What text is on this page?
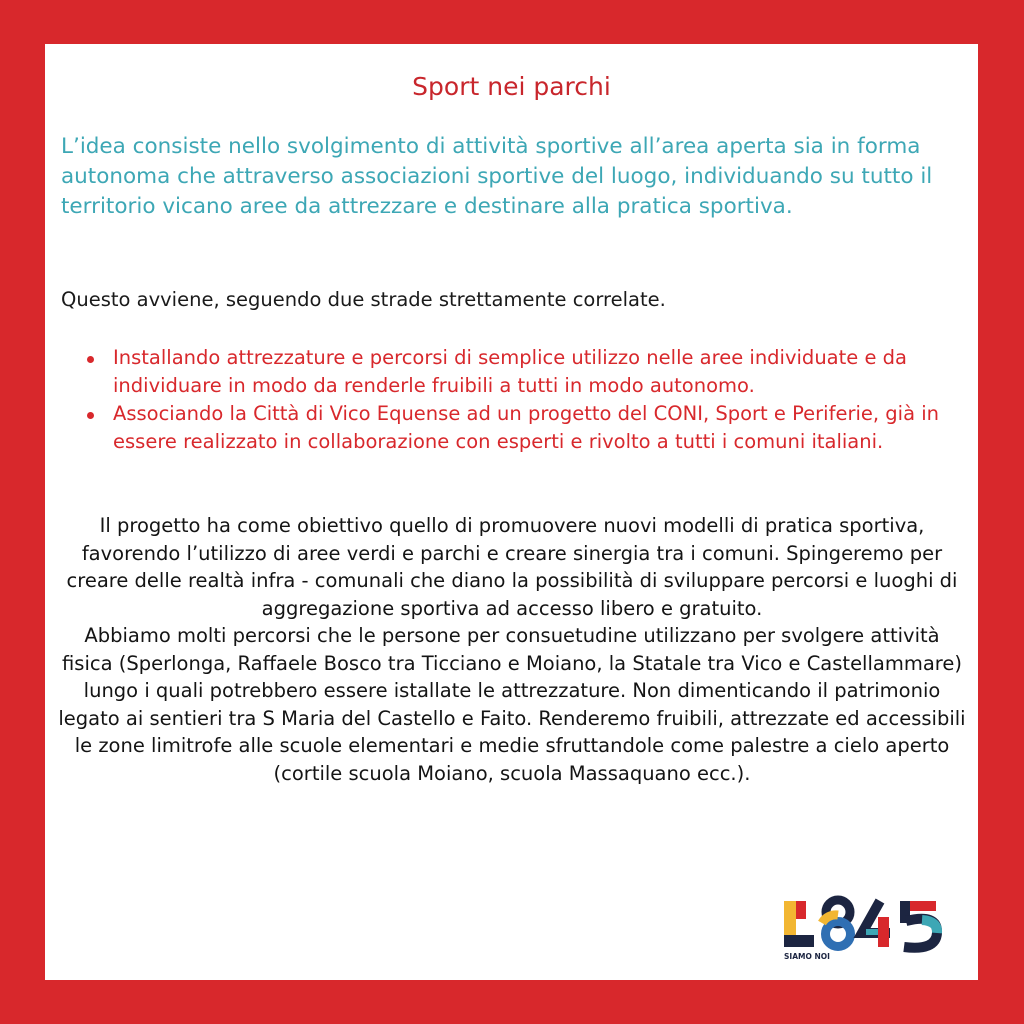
Sport nei parchi

L’idea consiste nello svolgimento di attività sportive all’area aperta sia in forma autonoma che attraverso associazioni sportive del luogo, individuando su tutto il territorio vicano aree da attrezzare e destinare alla pratica sportiva.

Questo avviene, seguendo due strade strettamente correlate.

Installando attrezzature e percorsi di semplice utilizzo nelle aree individuate e da individuare in modo da renderle fruibili a tutti in modo autonomo.
Associando la Città di Vico Equense ad un progetto del CONI, Sport e Periferie, già in essere realizzato in collaborazione con esperti e rivolto a tutti i comuni italiani.
Il progetto ha come obiettivo quello di promuovere nuovi modelli di pratica sportiva, favorendo l’utilizzo di aree verdi e parchi e creare sinergia tra i comuni. Spingeremo per creare delle realtà infra - comunali che diano la possibilità di sviluppare percorsi e luoghi di aggregazione sportiva ad accesso libero e gratuito.
Abbiamo molti percorsi che le persone per consuetudine utilizzano per svolgere attività fisica (Sperlonga, Raffaele Bosco tra Ticciano e Moiano, la Statale tra Vico e Castellammare) lungo i quali potrebbero essere istallate le attrezzature. Non dimenticando il patrimonio legato ai sentieri tra S Maria del Castello e Faito. Renderemo fruibili, attrezzate ed accessibili le zone limitrofe alle scuole elementari e medie sfruttandole come palestre a cielo aperto (cortile scuola Moiano, scuola Massaquano ecc.).
SIAMO NOI
